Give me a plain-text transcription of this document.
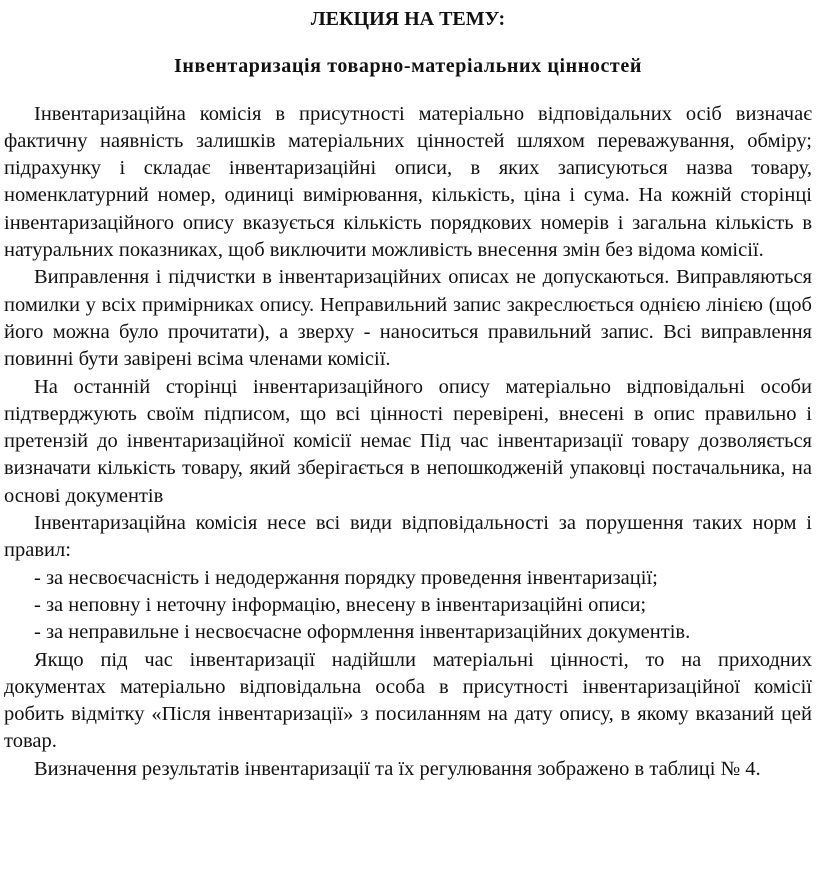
ЛЕКЦИЯ НА ТЕМУ:

Інвентаризація товарно-матеріальних цінностей

Інвентаризаційна комісія в присутності матеріально відповідальних осіб визначає фактичну наявність залишків матеріальних цінностей шляхом переважування, обміру; підрахунку і складає інвентаризаційні описи, в яких записуються назва товару, номенклатурний номер, одиниці вимірювання, кількість, ціна і сума. На кожній сторінці інвентаризаційного опису вказується кількість порядкових номерів і загальна кількість в натуральних показниках, щоб виключити можливість внесення змін без відома комісії.

Виправлення і підчистки в інвентаризаційних описах не допускаються. Виправляються помилки у всіх примірниках опису. Неправильний запис закреслюється однією лінією (щоб його можна було прочитати), а зверху - наноситься правильний запис. Всі виправлення повинні бути завірені всіма членами комісії.

На останній сторінці інвентаризаційного опису матеріально відповідальні особи підтверджують своїм підписом, що всі цінності перевірені, внесені в опис правильно і претензій до інвентаризаційної комісії немає Під час інвентаризації товару дозволяється визначати кількість товару, який зберігається в непошкодженій упаковці постачальника, на основі документів

Інвентаризаційна комісія несе всі види відповідальності за порушення таких норм і правил:

- за несвоєчасність і недодержання порядку проведення інвентаризації;

- за неповну і неточну інформацію, внесену в інвентаризаційні описи;

- за неправильне і несвоєчасне оформлення інвентаризаційних документів.

Якщо під час інвентаризації надійшли матеріальні цінності, то на приходних документах матеріально відповідальна особа в присутності інвентаризаційної комісії робить відмітку «Після інвентаризації» з посиланням на дату опису, в якому вказаний цей товар.

Визначення результатів інвентаризації та їх регулювання зображено в таблиці № 4.
